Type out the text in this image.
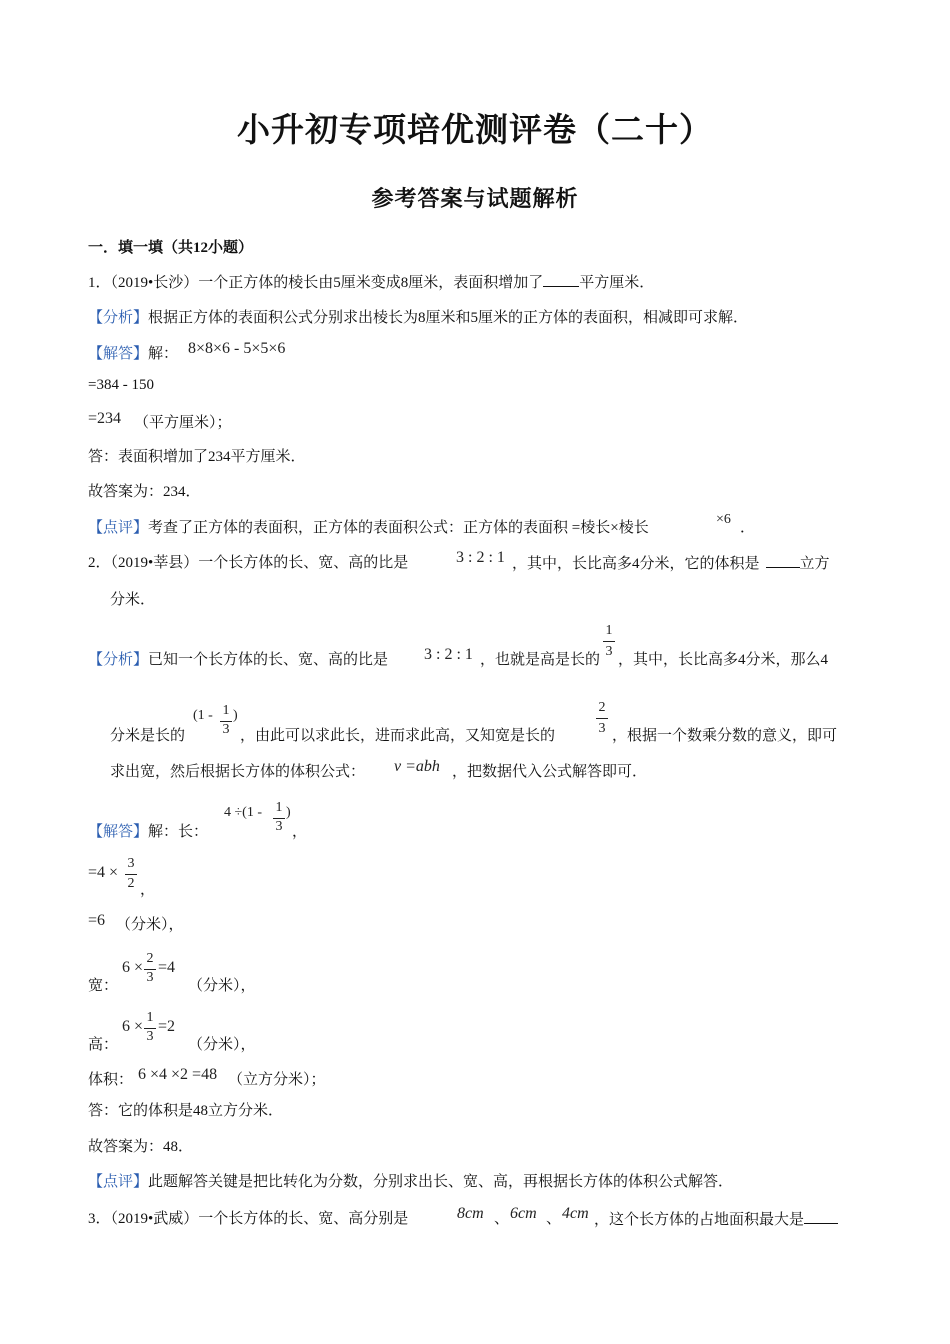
小升初专项培优测评卷（二十）
参考答案与试题解析
一．填一填（共12小题）
1．（2019•长沙）一个正方体的棱长由5厘米变成8厘米，表面积增加了 平方厘米．
【分析】根据正方体的表面积公式分别求出棱长为8厘米和5厘米的正方体的表面积，相减即可求解．
【解答】解： 8×8×6 - 5×5×6
=384 - 150
=234 （平方厘米）；
答：表面积增加了234平方厘米．
故答案为：234．
【点评】考查了正方体的表面积，正方体的表面积公式：正方体的表面积 =棱长×棱长
×6
．
2．（2019•莘县）一个长方体的长、宽、高的比是	3 : 2 : 1 ，其中，长比高多4分米，它的体积是	立方
分米．
【分析】已知一个长方体的长、宽、高的比是 3 : 2 : 1 ，也就是高是长的
1
3
，其中，长比高多4分米，那么4
分米是长的
(1 - 1
3
)
，由此可以求此长，进而求此高，又知宽是长的
2
3 ，根据一个数乘分数的意义，即可
求出宽，然后根据长方体的体积公式： v =abh ，把数据代入公式解答即可．
【解答】解：长：
4 ÷(1 - 1
3
)
，
=4 ×
3
2 ，
=6 （分米），
宽：
6 ×
2
3
=4
（分米），
高：
6 ×
1
3
=2
（分米），
体积： 6 ×4 ×2 =48 （立方分米）；
答：它的体积是48立方分米．
故答案为：48．
【点评】此题解答关键是把比转化为分数，分别求出长、宽、高，再根据长方体的体积公式解答．
3．（2019•武威）一个长方体的长、宽、高分别是	8cm 、 6cm 、 4cm ，这个长方体的占地面积最大是
